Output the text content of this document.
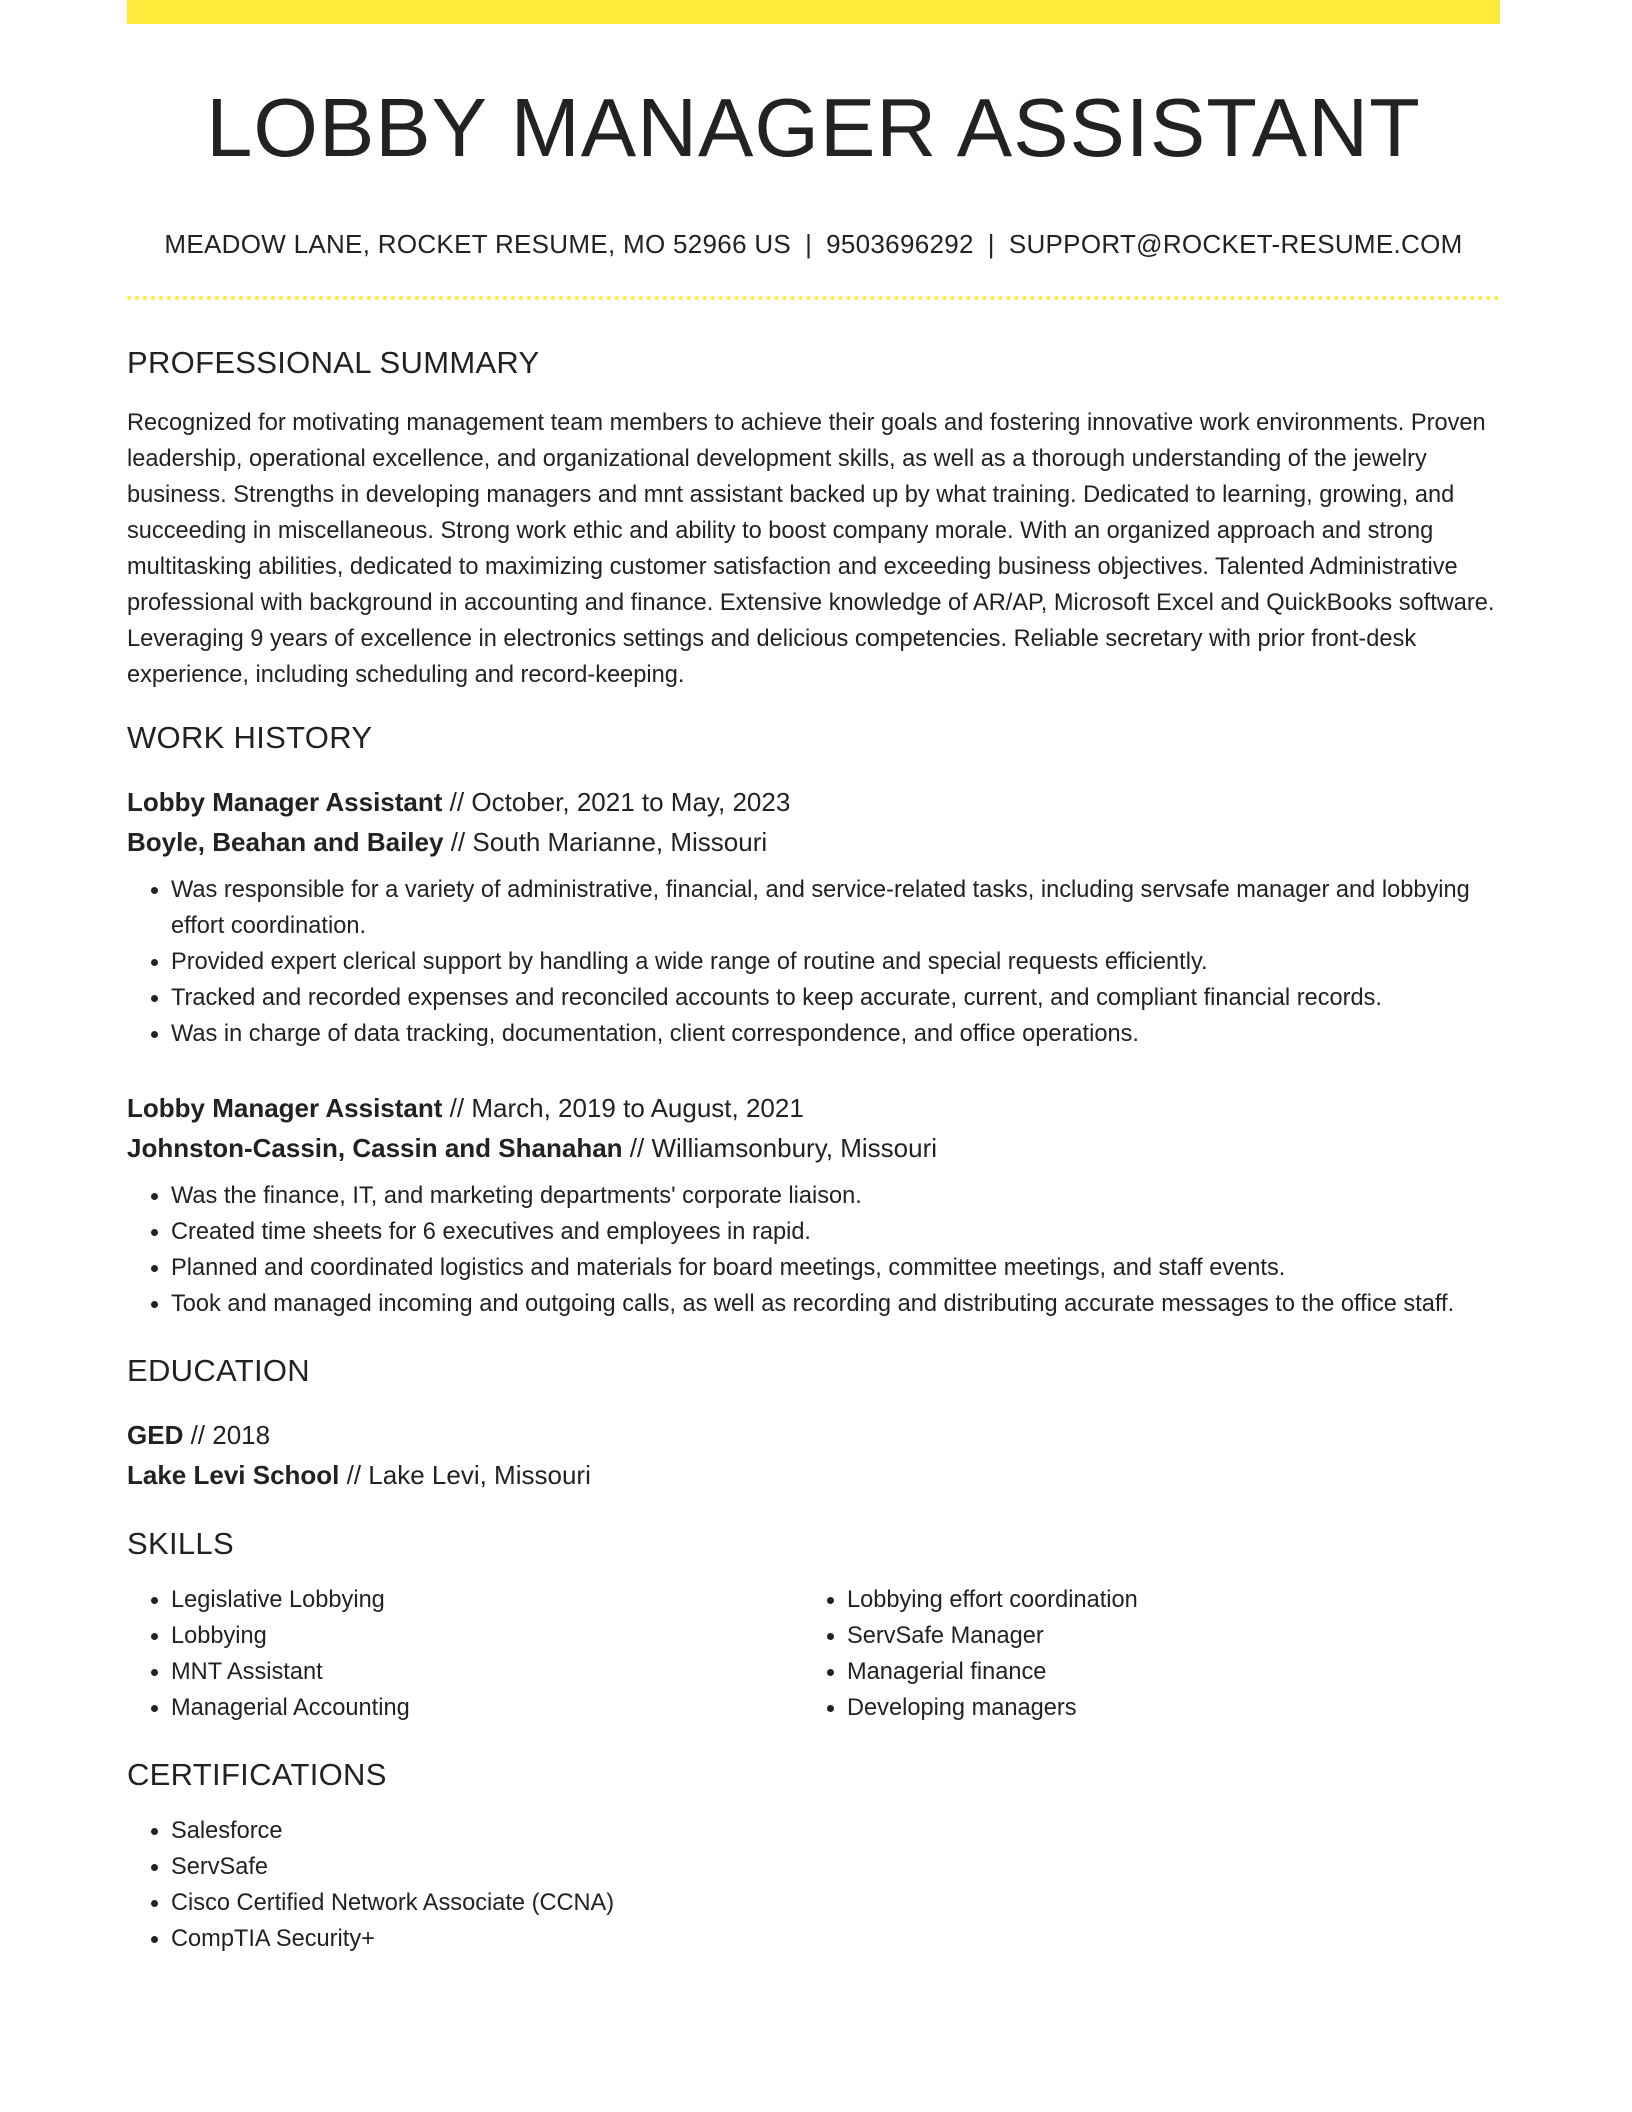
LOBBY MANAGER ASSISTANT
MEADOW LANE, ROCKET RESUME, MO 52966 US | 9503696292 | SUPPORT@ROCKET-RESUME.COM
PROFESSIONAL SUMMARY
Recognized for motivating management team members to achieve their goals and fostering innovative work environments. Proven leadership, operational excellence, and organizational development skills, as well as a thorough understanding of the jewelry business. Strengths in developing managers and mnt assistant backed up by what training. Dedicated to learning, growing, and succeeding in miscellaneous. Strong work ethic and ability to boost company morale. With an organized approach and strong multitasking abilities, dedicated to maximizing customer satisfaction and exceeding business objectives. Talented Administrative professional with background in accounting and finance. Extensive knowledge of AR/AP, Microsoft Excel and QuickBooks software. Leveraging 9 years of excellence in electronics settings and delicious competencies. Reliable secretary with prior front-desk experience, including scheduling and record-keeping.
WORK HISTORY
Lobby Manager Assistant // October, 2021 to May, 2023
Boyle, Beahan and Bailey // South Marianne, Missouri
• Was responsible for a variety of administrative, financial, and service-related tasks, including servsafe manager and lobbying effort coordination.
• Provided expert clerical support by handling a wide range of routine and special requests efficiently.
• Tracked and recorded expenses and reconciled accounts to keep accurate, current, and compliant financial records.
• Was in charge of data tracking, documentation, client correspondence, and office operations.
Lobby Manager Assistant // March, 2019 to August, 2021
Johnston-Cassin, Cassin and Shanahan // Williamsonbury, Missouri
• Was the finance, IT, and marketing departments' corporate liaison.
• Created time sheets for 6 executives and employees in rapid.
• Planned and coordinated logistics and materials for board meetings, committee meetings, and staff events.
• Took and managed incoming and outgoing calls, as well as recording and distributing accurate messages to the office staff.
EDUCATION
GED // 2018
Lake Levi School // Lake Levi, Missouri
SKILLS
• Legislative Lobbying
• Lobbying
• MNT Assistant
• Managerial Accounting
• Lobbying effort coordination
• ServSafe Manager
• Managerial finance
• Developing managers
CERTIFICATIONS
• Salesforce
• ServSafe
• Cisco Certified Network Associate (CCNA)
• CompTIA Security+
